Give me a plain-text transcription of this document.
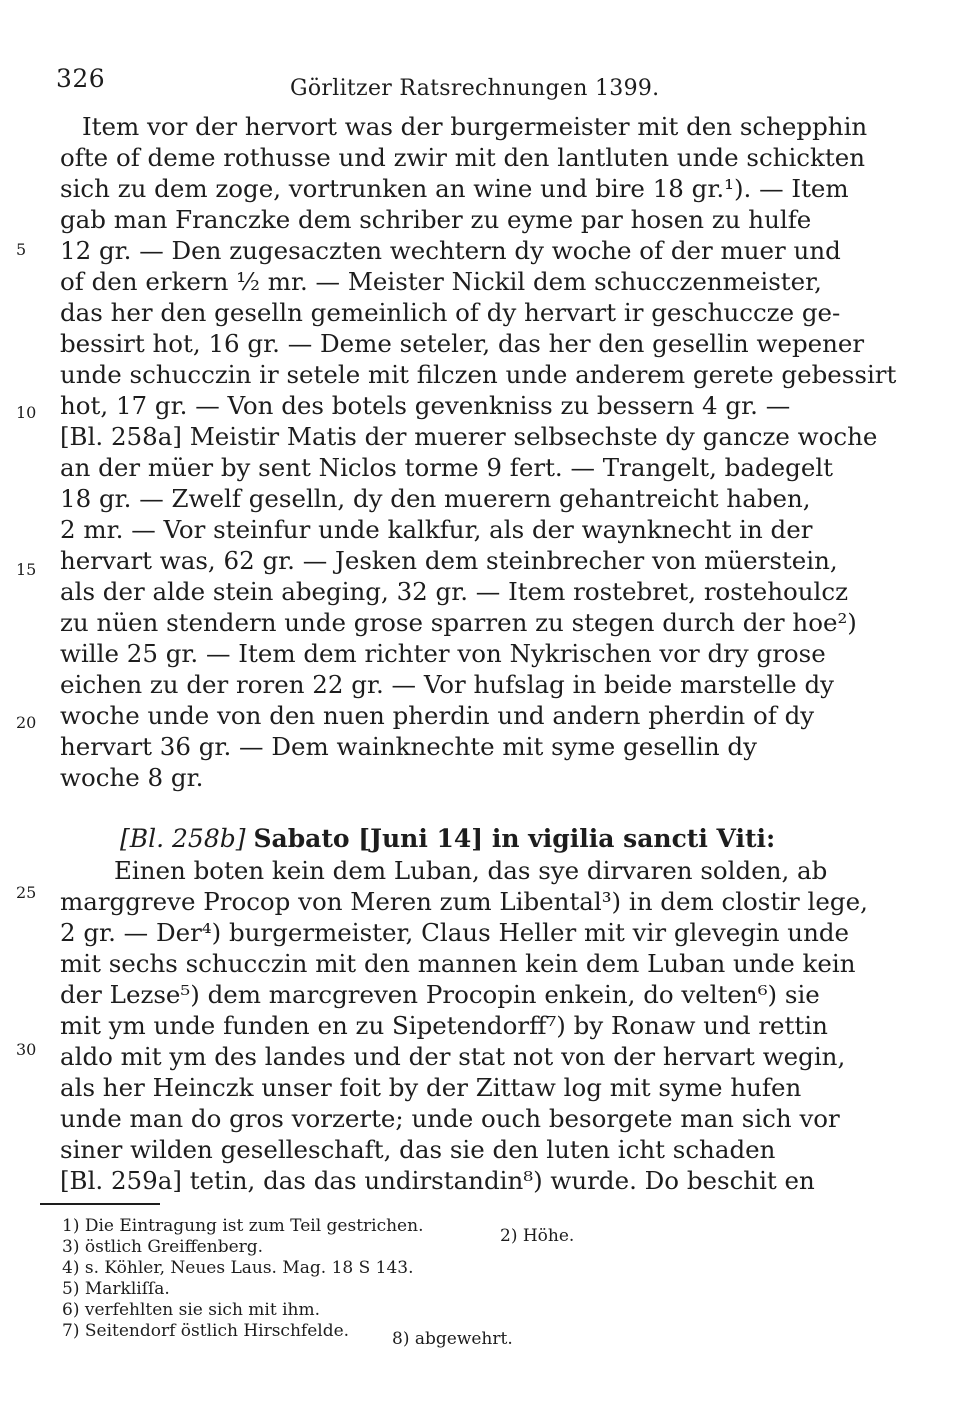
326	Görlitzer Ratsrechnungen 1399.
5
10
15
20
25
30
Item vor der hervort was der burgermeister mit den schepphin
ofte of deme rothusse und zwir mit den lantluten unde schickten
sich zu dem zoge, vortrunken an wine und bire 18 gr.¹). — Item
gab man Franczke dem schriber zu eyme par hosen zu hulfe
12 gr. — Den zugesaczten wechtern dy woche of der muer und
of den erkern ½ mr. — Meister Nickil dem schucczenmeister,
das her den geselln gemeinlich of dy hervart ir geschuccze ge-
bessirt hot, 16 gr. — Deme seteler, das her den gesellin wepener
unde schucczin ir setele mit filczen unde anderem gerete gebessirt
hot, 17 gr. — Von des botels gevenkniss zu bessern 4 gr. —
[Bl. 258a] Meistir Matis der muerer selbsechste dy gancze woche
an der müer by sent Niclos torme 9 fert. — Trangelt, badegelt
18 gr. — Zwelf geselln, dy den muerern gehantreicht haben,
2 mr. — Vor steinfur unde kalkfur, als der waynknecht in der
hervart was, 62 gr. — Jesken dem steinbrecher von müerstein,
als der alde stein abeging, 32 gr. — Item rostebret, rostehoulcz
zu nüen stendern unde grose sparren zu stegen durch der hoe²)
wille 25 gr. — Item dem richter von Nykrischen vor dry grose
eichen zu der roren 22 gr. — Vor hufslag in beide marstelle dy
woche unde von den nuen pherdin und andern pherdin of dy
hervart 36 gr. — Dem wainknechte mit syme gesellin dy
woche 8 gr.
[Bl. 258b] Sabato [Juni 14] in vigilia sancti Viti:
Einen boten kein dem Luban, das sye dirvaren solden, ab
marggreve Procop von Meren zum Libental³) in dem clostir lege,
2 gr. — Der⁴) burgermeister, Claus Heller mit vir glevegin unde
mit sechs schucczin mit den mannen kein dem Luban unde kein
der Lezse⁵) dem marcgreven Procopin enkein, do velten⁶) sie
mit ym unde funden en zu Sipetendorff⁷) by Ronaw und rettin
aldo mit ym des landes und der stat not von der hervart wegin,
als her Heinczk unser foit by der Zittaw log mit syme hufen
unde man do gros vorzerte; unde ouch besorgete man sich vor
siner wilden geselleschaft, das sie den luten icht schaden
[Bl. 259a] tetin, das das undirstandin⁸) wurde. Do beschit en
1) Die Eintragung ist zum Teil gestrichen.	2) Höhe.
3) östlich Greiffenberg.
4) s. Köhler, Neues Laus. Mag. 18 S 143.
5) Markliſſa.
6) verfehlten sie sich mit ihm.
7) Seitendorf östlich Hirschfelde.	8) abgewehrt.
